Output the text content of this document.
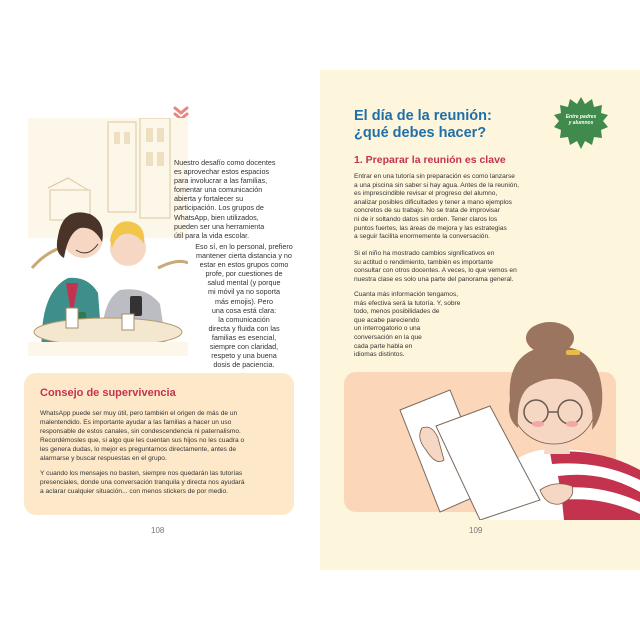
Nuestro desafío como docentes
es aprovechar estos espacios
para involucrar a las familias,
fomentar una comunicación
abierta y fortalecer su
participación. Los grupos de
WhatsApp, bien utilizados,
pueden ser una herramienta
útil para la vida escolar.
Eso sí, en lo personal, prefiero
mantener cierta distancia y no
estar en estos grupos como
profe, por cuestiones de
salud mental (y porque
mi móvil ya no soporta
más emojis). Pero
una cosa está clara:
la comunicación
directa y fluida con las
familias es esencial,
siempre con claridad,
respeto y una buena
dosis de paciencia.
Consejo de supervivencia
WhatsApp puede ser muy útil, pero también el origen de más de un
malentendido. Es importante ayudar a las familias a hacer un uso
responsable de estos canales, sin condescendencia ni paternalismo.
Recordémosles que, si algo que les cuentan sus hijos no les cuadra o
les genera dudas, lo mejor es preguntarnos directamente, antes de
alarmarse y buscar respuestas en el grupo.
Y cuando los mensajes no basten, siempre nos quedarán las tutorías
presenciales, donde una conversación tranquila y directa nos ayudará
a aclarar cualquier situación... con menos stickers de por medio.
108
El día de la reunión:
¿qué debes hacer?
Entre padres
y alumnos
1. Preparar la reunión es clave
Entrar en una tutoría sin preparación es como lanzarse
a una piscina sin saber si hay agua. Antes de la reunión,
es imprescindible revisar el progreso del alumno,
analizar posibles dificultades y tener a mano ejemplos
concretos de su trabajo. No se trata de improvisar
ni de ir soltando datos sin orden. Tener claros los
puntos fuertes, las áreas de mejora y las estrategias
a seguir facilita enormemente la conversación.
Si el niño ha mostrado cambios significativos en
su actitud o rendimiento, también es importante
consultar con otros docentes. A veces, lo que vemos en
nuestra clase es solo una parte del panorama general.
Cuanta más información tengamos,
más efectiva será la tutoría. Y, sobre
todo, menos posibilidades de
que acabe pareciendo
un interrogatorio o una
conversación en la que
cada parte habla en
idiomas distintos.
109
